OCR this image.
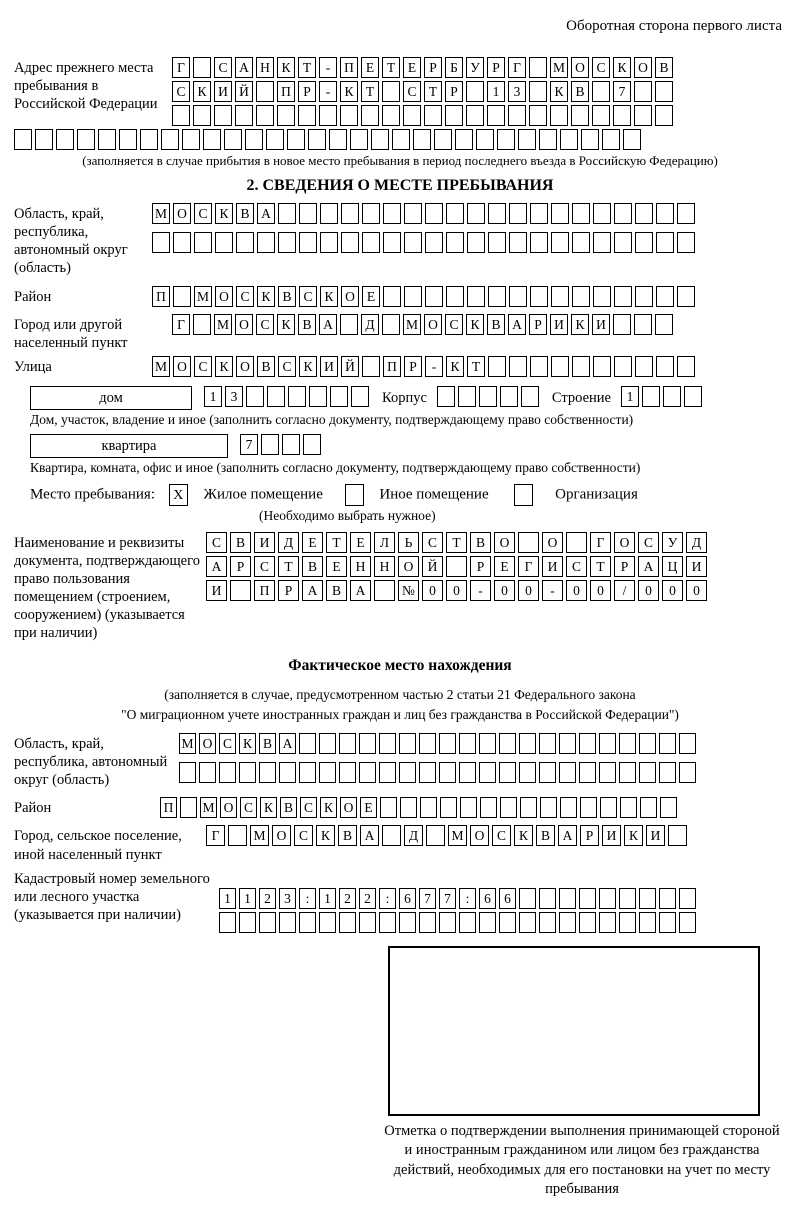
Оборотная сторона первого листа
Адрес прежнего места пребывания в Российской Федерации
Г С А Н К Т - П Е Т Е Р Б У Р Г М О С К О В
С К И Й П Р - К Т С Т Р	1 3	К В	7
(заполняется в случае прибытия в новое место пребывания в период последнего въезда в Российскую Федерацию)
2. СВЕДЕНИЯ О МЕСТЕ ПРЕБЫВАНИЯ
Область, край, республика, автономный округ (область)
М О С К В А
Район	П М О С К В С К О Е
Город или другой населенный пункт
Г М О С К В А Д М О С К В А Р И К И
Улица	М О С К О В С К И Й П Р - К Т
дом	1 3	Корпус	Строение 1
Дом, участок, владение и иное (заполнить согласно документу, подтверждающему право собственности)
квартира	7
Квартира, комната, офис и иное (заполнить согласно документу, подтверждающему право собственности)
Место пребывания: X Жилое помещение	Иное помещение	Организация
(Необходимо выбрать нужное)
Наименование и реквизиты документа, подтверждающего право пользования помещением (строением, сооружением) (указывается при наличии)
С В И Д Е Т Е Л Ь С Т В О	О	Г О С У Д
А Р С Т В Е Н Н О Й	Р Е Г И С Т Р А Ц И
И	П Р А В А	№ 0 0 - 0 0 - 0 0 / 0 0 0
Фактическое место нахождения
(заполняется в случае, предусмотренном частью 2 статьи 21 Федерального закона
"О миграционном учете иностранных граждан и лиц без гражданства в Российской Федерации")
Область, край, республика, автономный округ (область)
М О С К В А
Район	П М О С К В С К О Е
Город, сельское поселение, иной населенный пункт
Г	М О С К В А	Д М О С К В А Р И К И
Кадастровый номер земельного или лесного участка (указывается при наличии)
1 1 2 3 : 1 2 2 : 6 7 7 : 6 6
Отметка о подтверждении выполнения принимающей стороной и иностранным гражданином или лицом без гражданства действий, необходимых для его постановки на учет по месту пребывания
